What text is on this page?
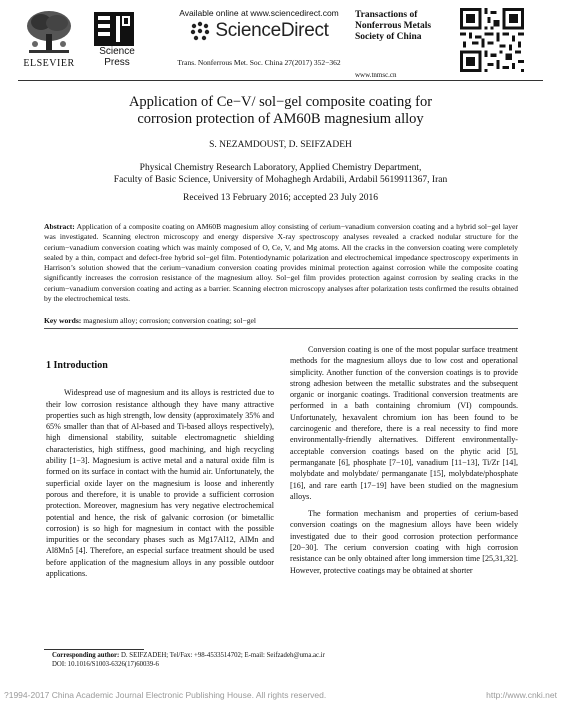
ELSEVIER
Science
Press
Available online at www.sciencedirect.com
ScienceDirect
Trans. Nonferrous Met. Soc. China 27(2017) 352−362
Transactions of
Nonferrous Metals
Society of China
www.tnmsc.cn
Application of Ce−V/ sol−gel composite coating for
corrosion protection of AM60B magnesium alloy
S. NEZAMDOUST, D. SEIFZADEH
Physical Chemistry Research Laboratory, Applied Chemistry Department,
Faculty of Basic Science, University of Mohaghegh Ardabili, Ardabil 5619911367, Iran
Received 13 February 2016; accepted 23 July 2016
Abstract: Application of a composite coating on AM60B magnesium alloy consisting of cerium−vanadium conversion coating and a hybrid sol−gel layer was investigated. Scanning electron microscopy and energy dispersive X-ray spectroscopy analyses revealed a cracked nodular structure for the cerium−vanadium conversion coating which was mainly composed of O, Ce, V, and Mg atoms. All the cracks in the conversion coating were completely sealed by a thin, compact and defect-free hybrid sol−gel film. Potentiodynamic polarization and electrochemical impedance spectroscopy experiments in Harrison’s solution showed that the cerium−vanadium conversion coating provides minimal protection against corrosion while the composite coating significantly increases the corrosion resistance of the magnesium alloy. Sol−gel film provides protection against corrosion by sealing cracks in the cerium−vanadium conversion coating and acting as a barrier. Scanning electron microscopy analyses after polarization tests confirmed the results obtained by the electrochemical tests.
Key words: magnesium alloy; corrosion; conversion coating; sol−gel
1 Introduction

Widespread use of magnesium and its alloys is restricted due to their low corrosion resistance although they have many attractive properties such as high strength, low density (approximately 35% and 65% smaller than that of Al-based and Ti-based alloys respectively), high dimensional stability, suitable electromagnetic shielding characteristics, high stiffness, good machining, and high recycling ability [1−3]. Magnesium is active metal and a natural oxide film is formed on its surface in contact with the humid air. Unfortunately, the superficial oxide layer on the magnesium is loose and inherently porous and therefore, it is unable to provide a sufficient corrosion protection. Moreover, magnesium has very negative electrochemical potential and hence, the risk of galvanic corrosion (or bimetallic corrosion) is so high for magnesium in contact with the possible impurities or the secondary phases such as Mg17Al12, AlMn and Al8Mn5 [4]. Therefore, an especial surface treatment should be used before application of the magnesium alloys in any possible outdoor applications.

Conversion coating is one of the most popular surface treatment methods for the magnesium alloys due to low cost and operational simplicity. Another function of the conversion coatings is to provide strong adhesion between the metallic substrates and the subsequent organic or inorganic coatings. Traditional conversion treatments are performed in a bath containing chromium (VI) compounds. Unfortunately, hexavalent chromium ion has been found to be carcinogenic and therefore, there is a real necessity to find more environmentally-friendly alternatives. Different environmentally-acceptable conversion coatings based on the phytic acid [5], permanganate [6], phosphate [7−10], vanadium [11−13], Ti/Zr [14], molybdate and molybdate/ permanganate [15], molybdate/phosphate [16], and rare earth [17−19] have been studied on the magnesium alloys.

The formation mechanism and properties of cerium-based conversion coatings on the magnesium alloys have been widely investigated due to their good corrosion protection performance [20−30]. The cerium conversion coating with high corrosion resistance can be only obtained after long immersion time [25,31,32]. However, protective coatings may be obtained at shorter

Corresponding author: D. SEIFZADEH; Tel/Fax: +98-4533514702; E-mail: Seifzadeh@uma.ac.ir
DOI: 10.1016/S1003-6326(17)60039-6
?1994-2017 China Academic Journal Electronic Publishing House. All rights reserved.	http://www.cnki.net
